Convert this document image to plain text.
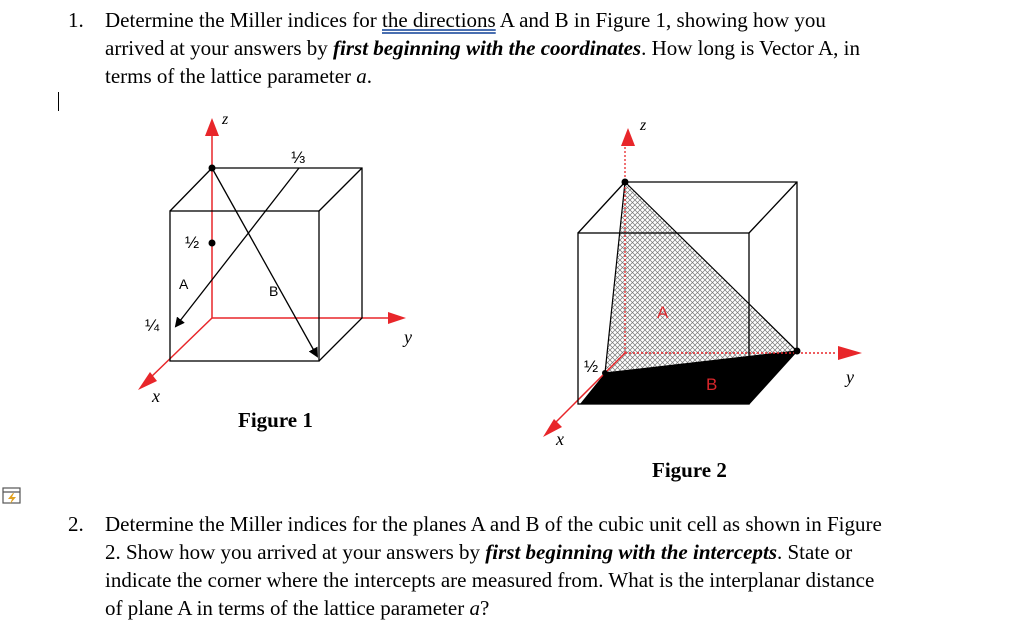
1. Determine the Miller indices for the directions A and B in Figure 1, showing how you
arrived at your answers by first beginning with the coordinates. How long is Vector A, in
terms of the lattice parameter a.
z
y
x
⅓
½
¼
A	B
z
y
x
½
A
B
Figure 1
Figure 2
2. Determine the Miller indices for the planes A and B of the cubic unit cell as shown in Figure
2. Show how you arrived at your answers by first beginning with the intercepts. State or
indicate the corner where the intercepts are measured from. What is the interplanar distance
of plane A in terms of the lattice parameter a?
